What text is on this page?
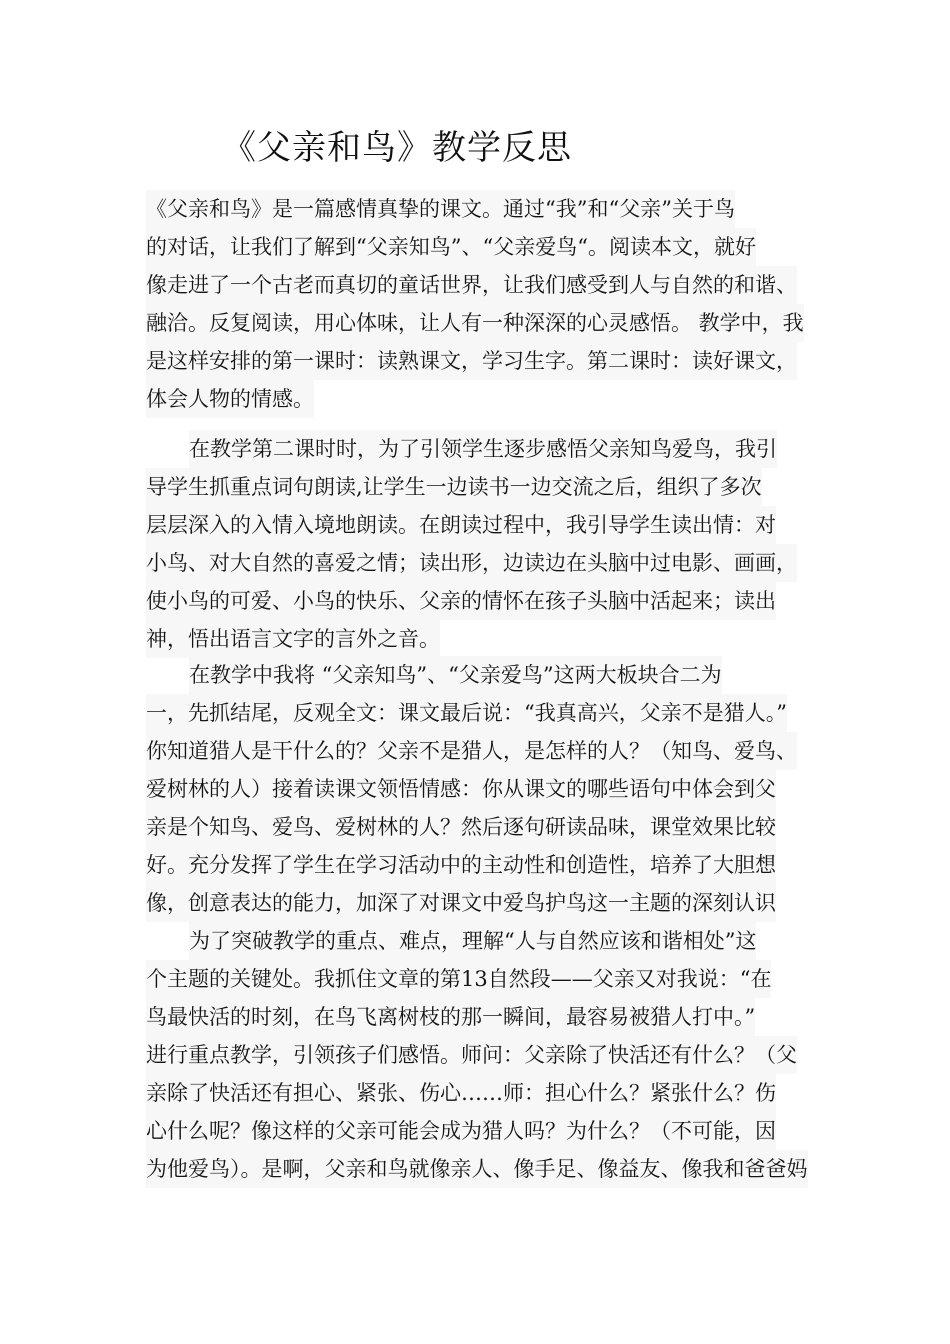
《父亲和鸟》教学反思
《父亲和鸟》是一篇感情真挚的课文。通过“我”和“父亲”关于鸟
的对话，让我们了解到“父亲知鸟”、“父亲爱鸟“。阅读本文，就好
像走进了一个古老而真切的童话世界，让我们感受到人与自然的和谐、
融洽。反复阅读，用心体味，让人有一种深深的心灵感悟。 教学中，我
是这样安排的第一课时：读熟课文，学习生字。第二课时：读好课文，
体会人物的情感。
在教学第二课时时，为了引领学生逐步感悟父亲知鸟爱鸟，我引
导学生抓重点词句朗读,让学生一边读书一边交流之后，组织了多次
层层深入的入情入境地朗读。在朗读过程中，我引导学生读出情：对
小鸟、对大自然的喜爱之情；读出形，边读边在头脑中过电影、画画，
使小鸟的可爱、小鸟的快乐、父亲的情怀在孩子头脑中活起来；读出
神，悟出语言文字的言外之音。
在教学中我将 “父亲知鸟”、“父亲爱鸟”这两大板块合二为
一，先抓结尾，反观全文：课文最后说：“我真高兴，父亲不是猎人。”
你知道猎人是干什么的？父亲不是猎人，是怎样的人？（知鸟、爱鸟、
爱树林的人）接着读课文领悟情感：你从课文的哪些语句中体会到父
亲是个知鸟、爱鸟、爱树林的人？然后逐句研读品味，课堂效果比较
好。充分发挥了学生在学习活动中的主动性和创造性，培养了大胆想
像，创意表达的能力，加深了对课文中爱鸟护鸟这一主题的深刻认识
为了突破教学的重点、难点，理解“人与自然应该和谐相处”这
个主题的关键处。我抓住文章的第13自然段——父亲又对我说：“在
鸟最快活的时刻，在鸟飞离树枝的那一瞬间，最容易被猎人打中。”
进行重点教学，引领孩子们感悟。师问：父亲除了快活还有什么？（父
亲除了快活还有担心、紧张、伤心……师：担心什么？紧张什么？伤
心什么呢？像这样的父亲可能会成为猎人吗？为什么？（不可能，因
为他爱鸟）。是啊，父亲和鸟就像亲人、像手足、像益友、像我和爸爸妈
